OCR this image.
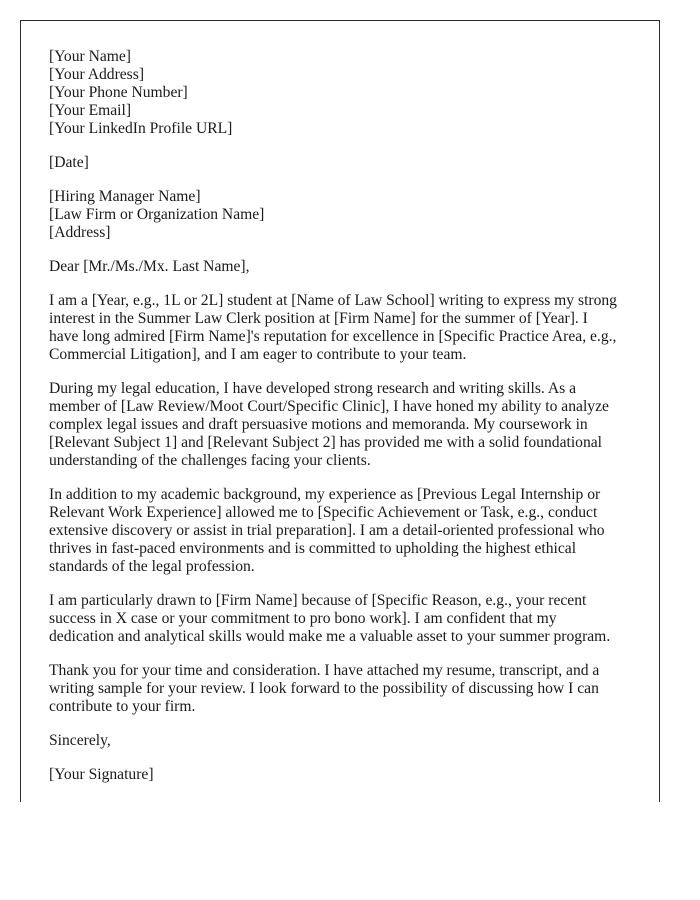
[Your Name]
[Your Address]
[Your Phone Number]
[Your Email]
[Your LinkedIn Profile URL]
[Date]
[Hiring Manager Name]
[Law Firm or Organization Name]
[Address]
Dear [Mr./Ms./Mx. Last Name],

I am a [Year, e.g., 1L or 2L] student at [Name of Law School] writing to express my strong
interest in the Summer Law Clerk position at [Firm Name] for the summer of [Year]. I
have long admired [Firm Name]'s reputation for excellence in [Specific Practice Area, e.g.,
Commercial Litigation], and I am eager to contribute to your team.

During my legal education, I have developed strong research and writing skills. As a
member of [Law Review/Moot Court/Specific Clinic], I have honed my ability to analyze
complex legal issues and draft persuasive motions and memoranda. My coursework in
[Relevant Subject 1] and [Relevant Subject 2] has provided me with a solid foundational
understanding of the challenges facing your clients.

In addition to my academic background, my experience as [Previous Legal Internship or
Relevant Work Experience] allowed me to [Specific Achievement or Task, e.g., conduct
extensive discovery or assist in trial preparation]. I am a detail-oriented professional who
thrives in fast-paced environments and is committed to upholding the highest ethical
standards of the legal profession.

I am particularly drawn to [Firm Name] because of [Specific Reason, e.g., your recent
success in X case or your commitment to pro bono work]. I am confident that my
dedication and analytical skills would make me a valuable asset to your summer program.

Thank you for your time and consideration. I have attached my resume, transcript, and a
writing sample for your review. I look forward to the possibility of discussing how I can
contribute to your firm.

Sincerely,
[Your Signature]
